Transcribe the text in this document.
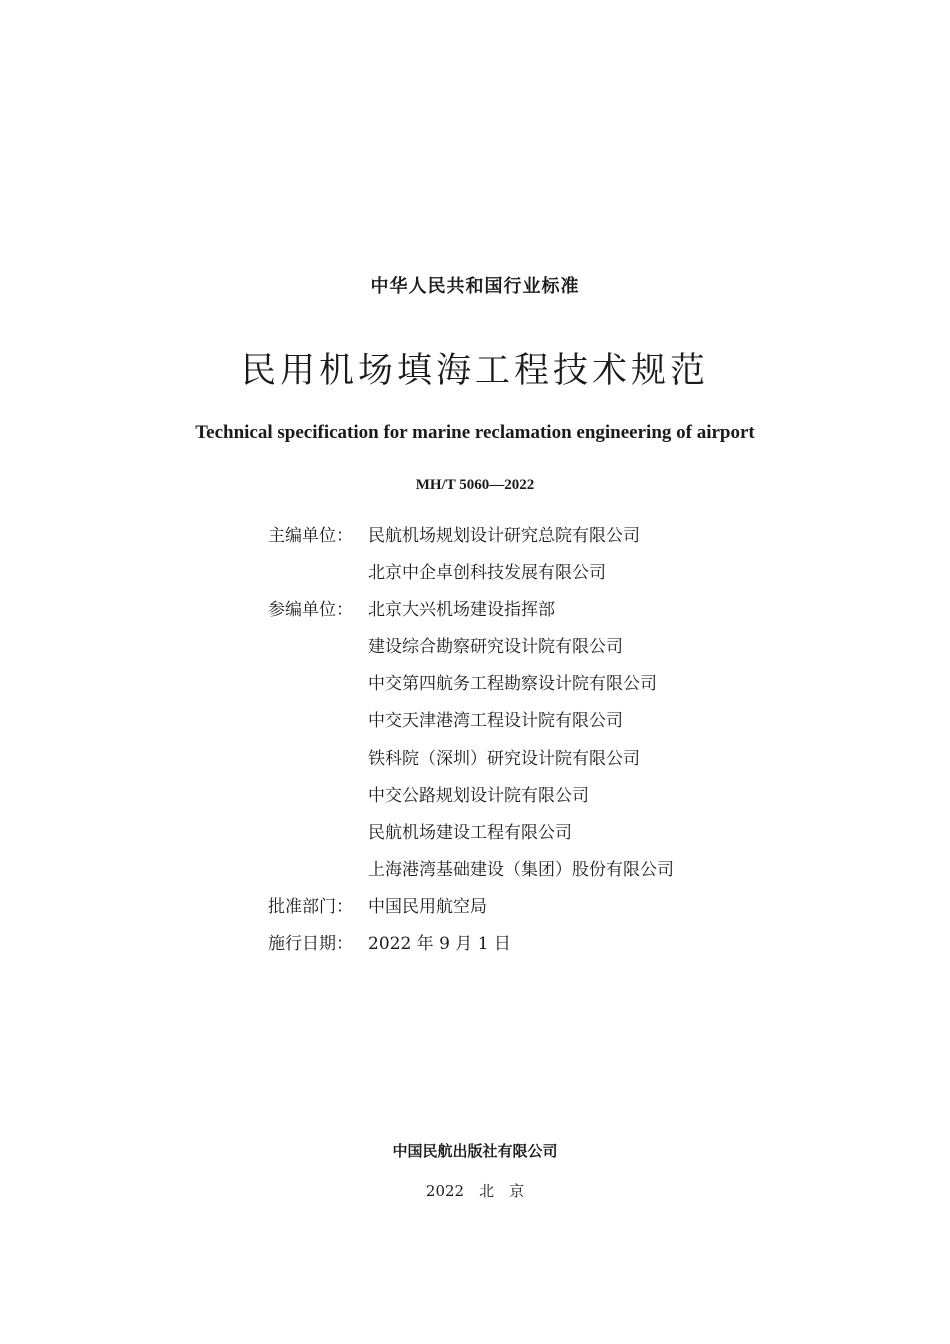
中华人民共和国行业标准
民用机场填海工程技术规范
Technical specification for marine reclamation engineering of airport
MH/T 5060—2022
主编单位： 民航机场规划设计研究总院有限公司
北京中企卓创科技发展有限公司
参编单位： 北京大兴机场建设指挥部
建设综合勘察研究设计院有限公司
中交第四航务工程勘察设计院有限公司
中交天津港湾工程设计院有限公司
铁科院（深圳）研究设计院有限公司
中交公路规划设计院有限公司
民航机场建设工程有限公司
上海港湾基础建设（集团）股份有限公司
批准部门： 中国民用航空局
施行日期： 2022 年 9 月 1 日
中国民航出版社有限公司
2022　北　京
